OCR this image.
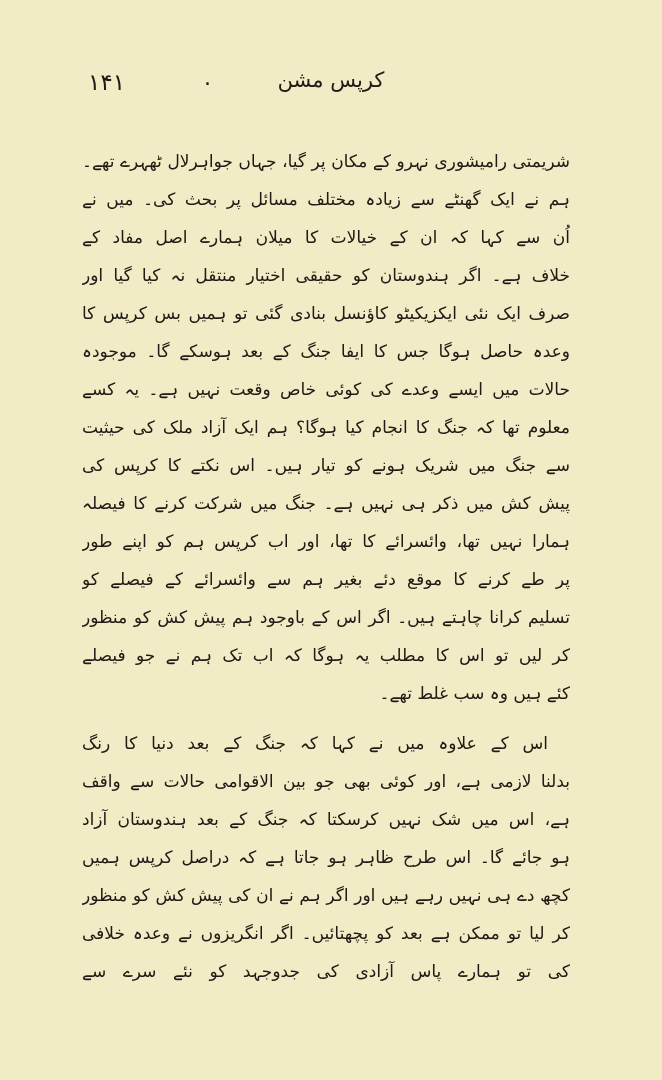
۱۴۱	.	کرپس مشن
شریمتی رامیشوری نہرو کے مکان پر گیا، جہاں جواہرلال ٹھہرے تھے۔
ہم نے ایک گھنٹے سے زیادہ مختلف مسائل پر بحث کی۔ میں نے
اُن سے کہا کہ ان کے خیالات کا میلان ہمارے اصل مفاد کے
خلاف ہے۔ اگر ہندوستان کو حقیقی اختیار منتقل نہ کیا گیا اور
صرف ایک نئی ایکزیکیٹو کاؤنسل بنادی گئی تو ہمیں بس کرپس کا
وعدہ حاصل ہوگا جس کا ایفا جنگ کے بعد ہوسکے گا۔ موجودہ
حالات میں ایسے وعدے کی کوئی خاص وقعت نہیں ہے۔ یہ کسے
معلوم تھا کہ جنگ کا انجام کیا ہوگا؟ ہم ایک آزاد ملک کی حیثیت
سے جنگ میں شریک ہونے کو تیار ہیں۔ اس نکتے کا کرپس کی
پیش کش میں ذکر ہی نہیں ہے۔ جنگ میں شرکت کرنے کا فیصلہ
ہمارا نہیں تھا، وائسرائے کا تھا، اور اب کرپس ہم کو اپنے طور
پر طے کرنے کا موقع دئے بغیر ہم سے وائسرائے کے فیصلے کو
تسلیم کرانا چاہتے ہیں۔ اگر اس کے باوجود ہم پیش کش کو منظور
کر لیں تو اس کا مطلب یہ ہوگا کہ اب تک ہم نے جو فیصلے
کئے ہیں وہ سب غلط تھے۔
اس کے علاوہ میں نے کہا کہ جنگ کے بعد دنیا کا رنگ
بدلنا لازمی ہے، اور کوئی بھی جو بین الاقوامی حالات سے واقف
ہے، اس میں شک نہیں کرسکتا کہ جنگ کے بعد ہندوستان آزاد
ہو جائے گا۔ اس طرح ظاہر ہو جاتا ہے کہ دراصل کرپس ہمیں
کچھ دے ہی نہیں رہے ہیں اور اگر ہم نے ان کی پیش کش کو منظور
کر لیا تو ممکن ہے بعد کو پچھتائیں۔ اگر انگریزوں نے وعدہ خلافی
کی تو ہمارے پاس آزادی کی جدوجہد کو نئے سرے سے
